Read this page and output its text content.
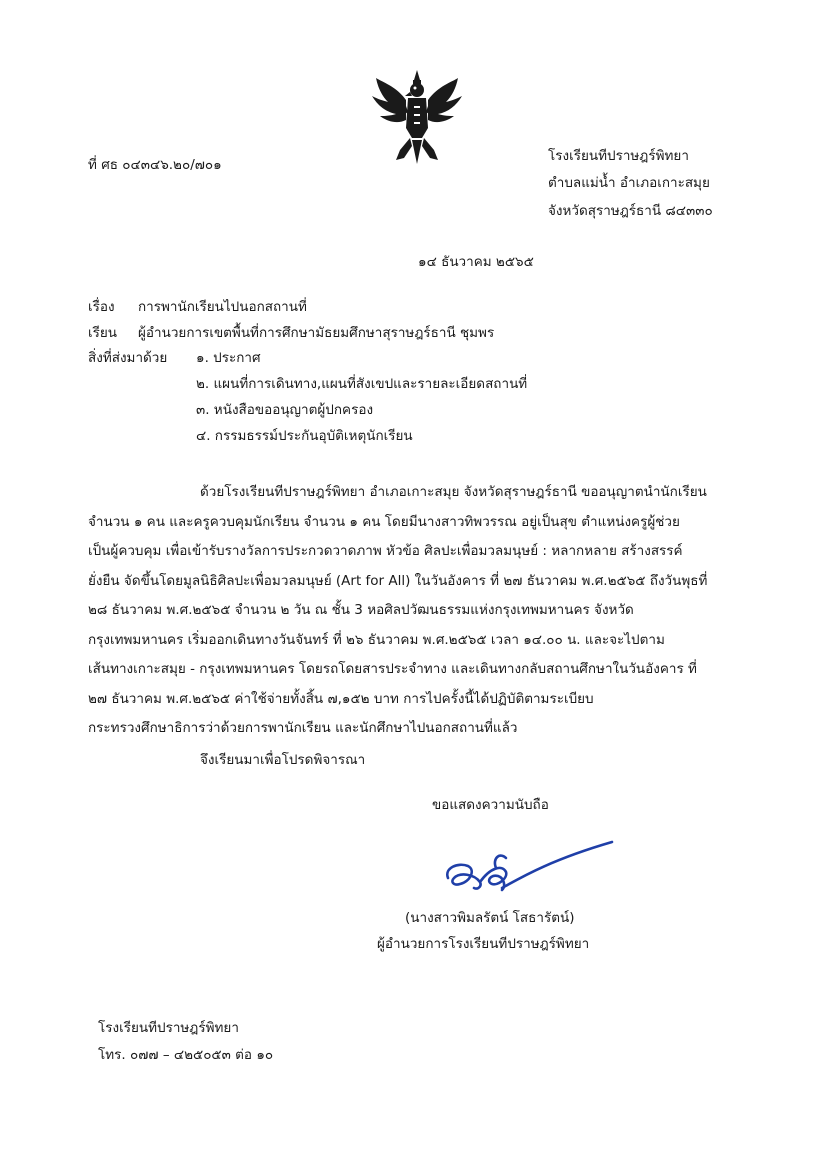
ที่ ศธ ๐๔๓๔๖.๒๐/๗๐๑
โรงเรียนทีปราษฎร์พิทยา
ตำบลแม่น้ำ อำเภอเกาะสมุย
จังหวัดสุราษฎร์ธานี ๘๔๓๓๐
๑๔ ธันวาคม ๒๕๖๕
เรื่อง การพานักเรียนไปนอกสถานที่
เรียน ผู้อำนวยการเขตพื้นที่การศึกษามัธยมศึกษาสุราษฎร์ธานี ชุมพร
สิ่งที่ส่งมาด้วย ๑. ประกาศ
๒. แผนที่การเดินทาง,แผนที่สังเขปและรายละเอียดสถานที่
๓. หนังสือขออนุญาตผู้ปกครอง
๔. กรรมธรรม์ประกันอุบัติเหตุนักเรียน
ด้วยโรงเรียนทีปราษฎร์พิทยา อำเภอเกาะสมุย จังหวัดสุราษฎร์ธานี ขออนุญาตนำนักเรียน
จำนวน ๑ คน และครูควบคุมนักเรียน จำนวน ๑ คน โดยมีนางสาวทิพวรรณ อยู่เป็นสุข ตำแหน่งครูผู้ช่วย
เป็นผู้ควบคุม เพื่อเข้ารับรางวัลการประกวดวาดภาพ หัวข้อ ศิลปะเพื่อมวลมนุษย์ : หลากหลาย สร้างสรรค์
ยั่งยืน จัดขึ้นโดยมูลนิธิศิลปะเพื่อมวลมนุษย์ (Art for All) ในวันอังคาร ที่ ๒๗ ธันวาคม พ.ศ.๒๕๖๕ ถึงวันพุธที่
๒๘ ธันวาคม พ.ศ.๒๕๖๕ จำนวน ๒ วัน ณ ชั้น 3 หอศิลปวัฒนธรรมแห่งกรุงเทพมหานคร จังหวัด
กรุงเทพมหานคร เริ่มออกเดินทางวันจันทร์ ที่ ๒๖ ธันวาคม พ.ศ.๒๕๖๕ เวลา ๑๔.๐๐ น. และจะไปตาม
เส้นทางเกาะสมุย - กรุงเทพมหานคร โดยรถโดยสารประจำทาง และเดินทางกลับสถานศึกษาในวันอังคาร ที่
๒๗ ธันวาคม พ.ศ.๒๕๖๕ ค่าใช้จ่ายทั้งสิ้น ๗,๑๕๒ บาท การไปครั้งนี้ได้ปฏิบัติตามระเบียบ
กระทรวงศึกษาธิการว่าด้วยการพานักเรียน และนักศึกษาไปนอกสถานที่แล้ว
จึงเรียนมาเพื่อโปรดพิจารณา
ขอแสดงความนับถือ
(นางสาวพิมลรัตน์ โสธารัตน์)
ผู้อำนวยการโรงเรียนทีปราษฎร์พิทยา
โรงเรียนทีปราษฎร์พิทยา
โทร. ๐๗๗ – ๔๒๕๐๕๓ ต่อ ๑๐
